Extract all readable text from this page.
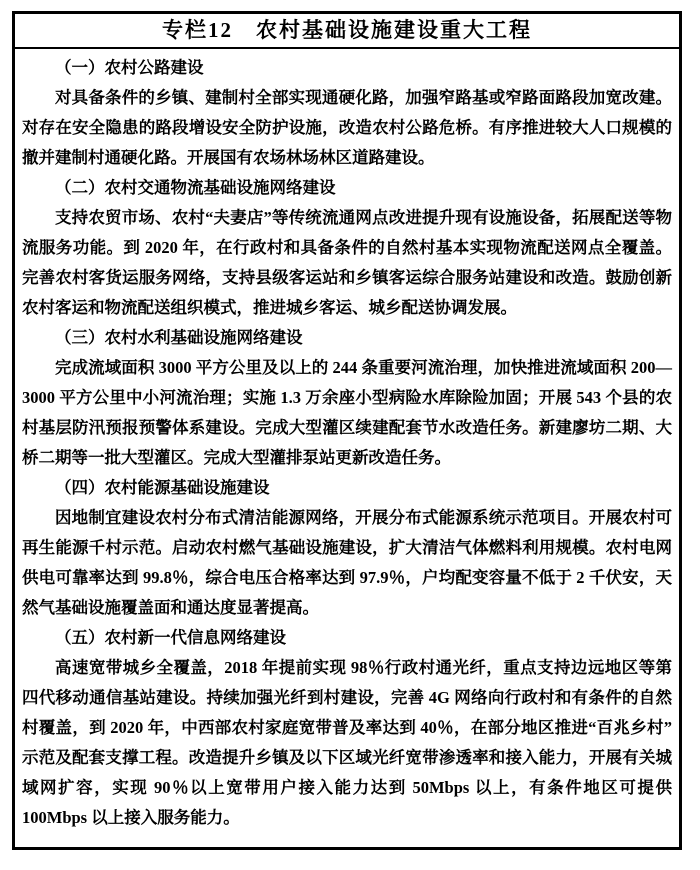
专栏12　农村基础设施建设重大工程
（一）农村公路建设

对具备条件的乡镇、建制村全部实现通硬化路，加强窄路基或窄路面路段加宽改建。对存在安全隐患的路段增设安全防护设施，改造农村公路危桥。有序推进较大人口规模的撤并建制村通硬化路。开展国有农场林场林区道路建设。

（二）农村交通物流基础设施网络建设

支持农贸市场、农村“夫妻店”等传统流通网点改进提升现有设施设备，拓展配送等物流服务功能。到 2020 年，在行政村和具备条件的自然村基本实现物流配送网点全覆盖。完善农村客货运服务网络，支持县级客运站和乡镇客运综合服务站建设和改造。鼓励创新农村客运和物流配送组织模式，推进城乡客运、城乡配送协调发展。

（三）农村水利基础设施网络建设

完成流域面积 3000 平方公里及以上的 244 条重要河流治理，加快推进流域面积 200—3000 平方公里中小河流治理；实施 1.3 万余座小型病险水库除险加固；开展 543 个县的农村基层防汛预报预警体系建设。完成大型灌区续建配套节水改造任务。新建廖坊二期、大桥二期等一批大型灌区。完成大型灌排泵站更新改造任务。

（四）农村能源基础设施建设

因地制宜建设农村分布式清洁能源网络，开展分布式能源系统示范项目。开展农村可再生能源千村示范。启动农村燃气基础设施建设，扩大清洁气体燃料利用规模。农村电网供电可靠率达到 99.8％，综合电压合格率达到 97.9％，户均配变容量不低于 2 千伏安，天然气基础设施覆盖面和通达度显著提高。

（五）农村新一代信息网络建设

高速宽带城乡全覆盖，2018 年提前实现 98％行政村通光纤，重点支持边远地区等第四代移动通信基站建设。持续加强光纤到村建设，完善 4G 网络向行政村和有条件的自然村覆盖，到 2020 年，中西部农村家庭宽带普及率达到 40％，在部分地区推进“百兆乡村”示范及配套支撑工程。改造提升乡镇及以下区域光纤宽带渗透率和接入能力，开展有关城域网扩容，实现 90％以上宽带用户接入能力达到 50Mbps 以上，有条件地区可提供 100Mbps 以上接入服务能力。
